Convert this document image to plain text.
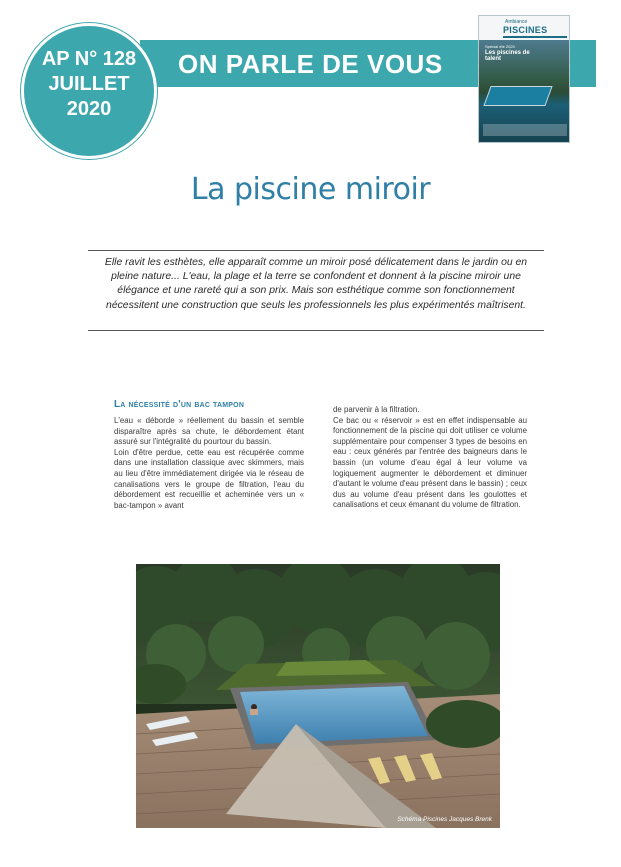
ON PARLE DE VOUS
AP N° 128
JUILLET
2020
Ambiance
PISCINES
Spécial été 2020
Les piscines de talent
La piscine miroir

Elle ravit les esthètes, elle apparaît comme un miroir posé délicatement dans le jardin ou en pleine nature... L'eau, la plage et la terre se confondent et donnent à la piscine miroir une élégance et une rareté qui a son prix. Mais son esthétique comme son fonctionnement nécessitent une construction que seuls les professionnels les plus expérimentés maîtrisent.

La nécessité d'un bac tampon
L'eau « déborde » réellement du bassin et semble disparaître après sa chute, le débordement étant assuré sur l'intégralité du pourtour du bassin.
Loin d'être perdue, cette eau est récupérée comme dans une installation classique avec skimmers, mais au lieu d'être immédiatement dirigée via le réseau de canalisations vers le groupe de filtration, l'eau du débordement est recueillie et acheminée vers un « bac-tampon » avant
de parvenir à la filtration.
Ce bac ou « réservoir » est en effet indispensable au fonctionnement de la piscine qui doit utiliser ce volume supplémentaire pour compenser 3 types de besoins en eau : ceux générés par l'entrée des baigneurs dans le bassin (un volume d'eau égal à leur volume va logiquement augmenter le débordement et diminuer d'autant le volume d'eau présent dans le bassin) ; ceux dus au volume d'eau présent dans les goulottes et canalisations et ceux émanant du volume de filtration.
Schéma Piscines Jacques Brenk
